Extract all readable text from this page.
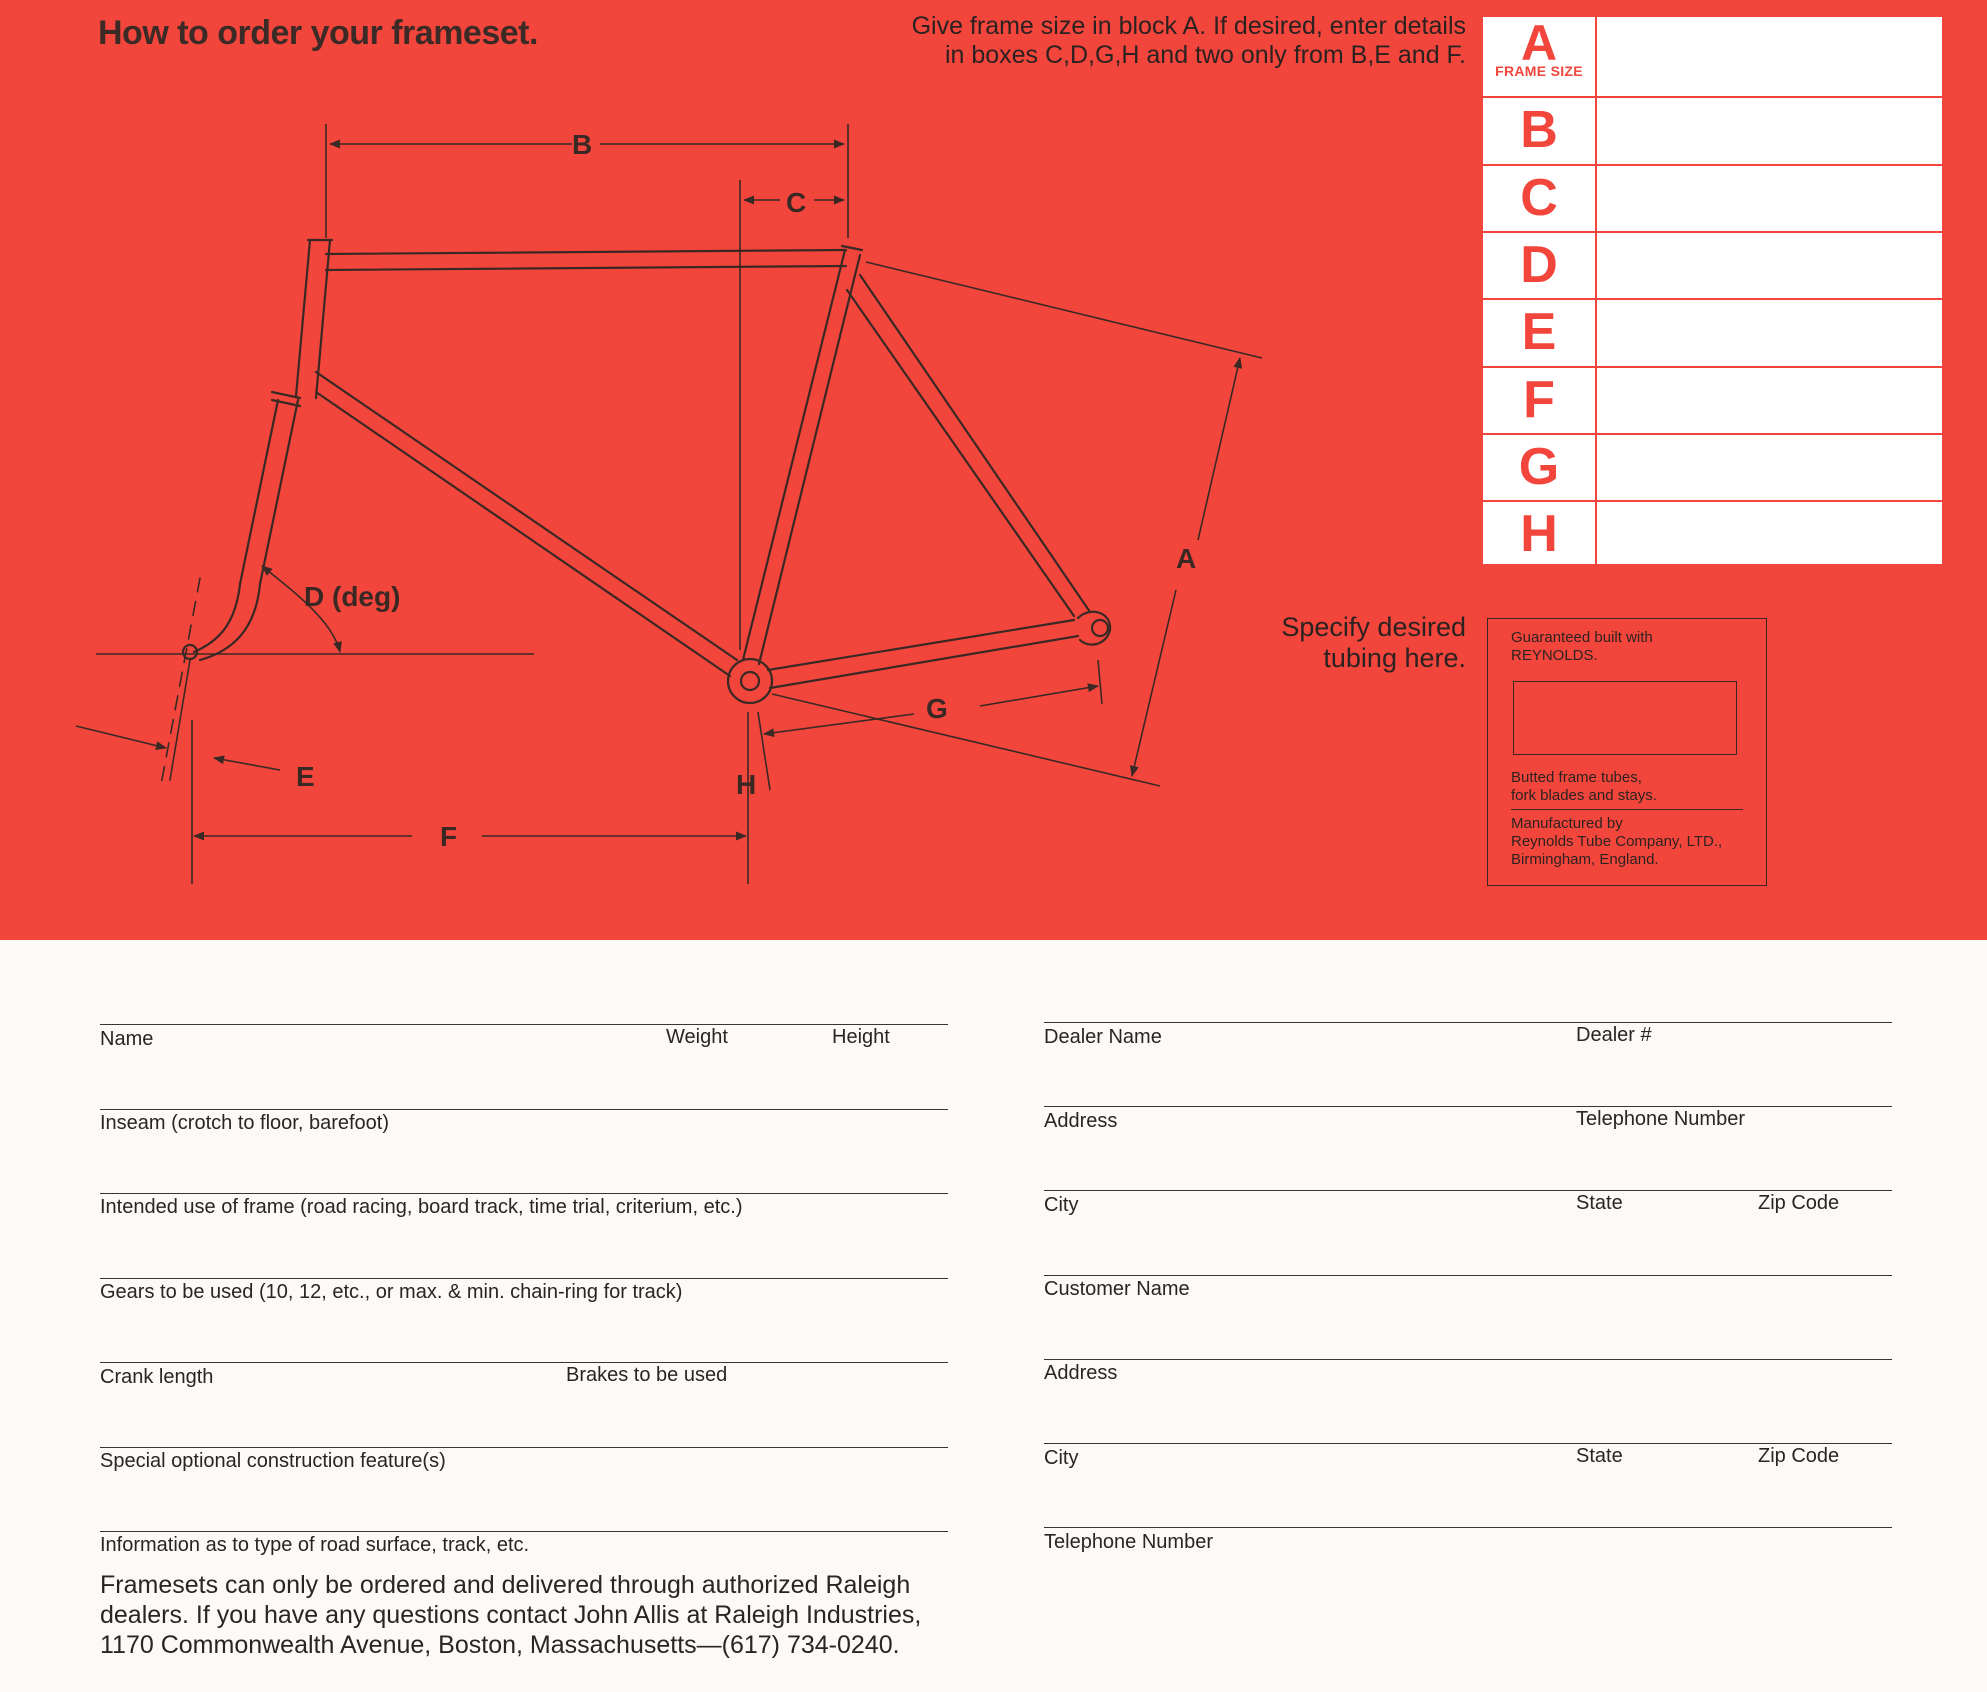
How to order your frameset.	Give frame size in block A. If desired, enter details in boxes C,D,G,H and two only from B,E and F.
B
C
A
D (deg)
E
F
G
H
A
FRAME SIZE
B
C
D
E
F
G
H
Specify desired tubing here.
Guaranteed built with
REYNOLDS.
Butted frame tubes,
fork blades and stays.
Manufactured by
Reynolds Tube Company, LTD.,
Birmingham, England.
Name	Weight	Height
Inseam (crotch to floor, barefoot)
Intended use of frame (road racing, board track, time trial, criterium, etc.)
Gears to be used (10, 12, etc., or max. & min. chain-ring for track)
Crank length	Brakes to be used
Special optional construction feature(s)
Information as to type of road surface, track, etc.
Dealer Name	Dealer #
Address	Telephone Number
City	State	Zip Code
Customer Name
Address
City	State	Zip Code
Telephone Number
Framesets can only be ordered and delivered through authorized Raleigh dealers. If you have any questions contact John Allis at Raleigh Industries, 1170 Commonwealth Avenue, Boston, Massachusetts—(617) 734-0240.
